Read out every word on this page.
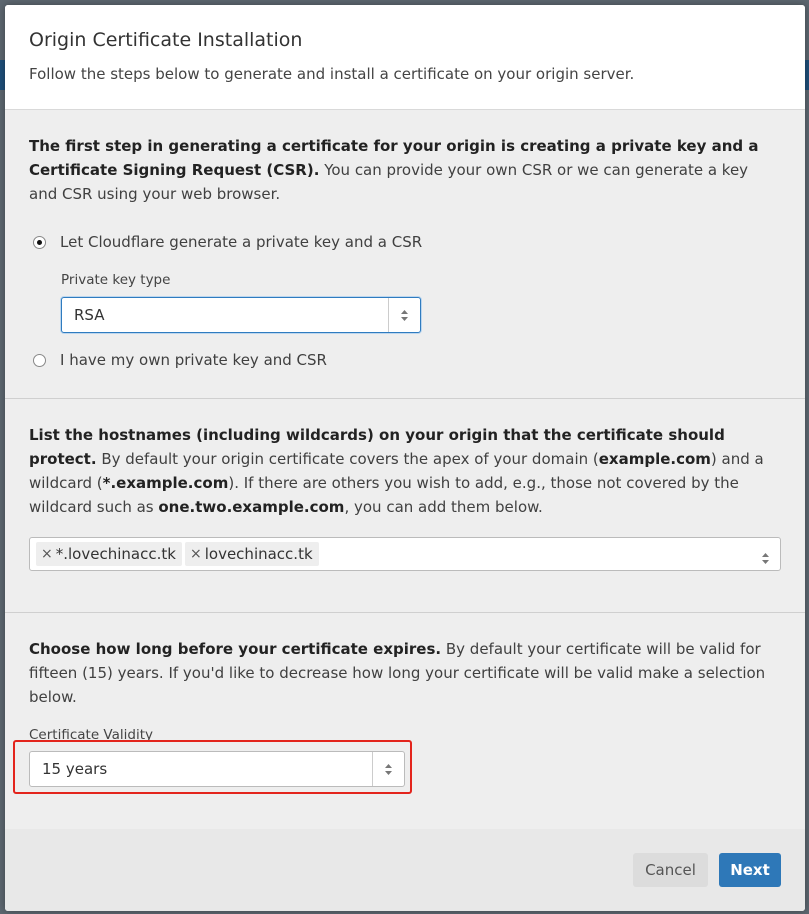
Origin Certificate Installation

Follow the steps below to generate and install a certificate on your origin server.

The first step in generating a certificate for your origin is creating a private key and a Certificate Signing Request (CSR). You can provide your own CSR or we can generate a key and CSR using your web browser.

Let Cloudflare generate a private key and a CSR
Private key type
RSA
I have my own private key and CSR

List the hostnames (including wildcards) on your origin that the certificate should protect. By default your origin certificate covers the apex of your domain (example.com) and a wildcard (*.example.com). If there are others you wish to add, e.g., those not covered by the wildcard such as one.two.example.com, you can add them below.

× *.lovechinacc.tk × lovechinacc.tk

Choose how long before your certificate expires. By default your certificate will be valid for fifteen (15) years. If you'd like to decrease how long your certificate will be valid make a selection below.

Certificate Validity
15 years
Cancel	Next
